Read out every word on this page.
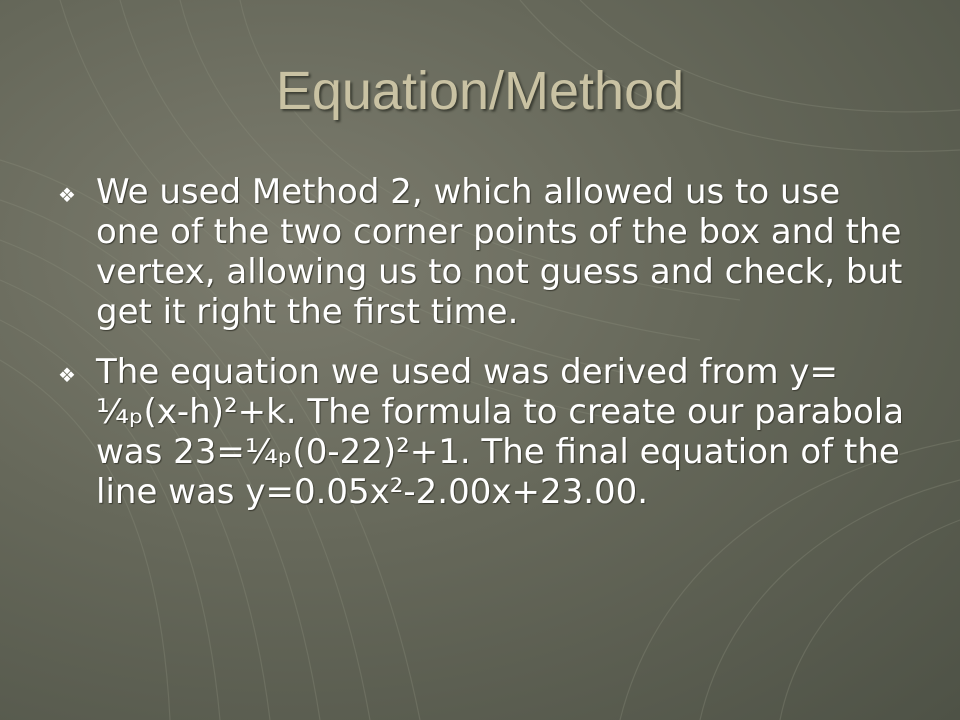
Equation/Method
❖ We used Method 2, which allowed us to use one of the two corner points of the box and the vertex, allowing us to not guess and check, but get it right the first time.
❖ The equation we used was derived from y= ¼ₚ(x-h)²+k. The formula to create our parabola was 23=¼ₚ(0-22)²+1. The final equation of the line was y=0.05x²-2.00x+23.00.
